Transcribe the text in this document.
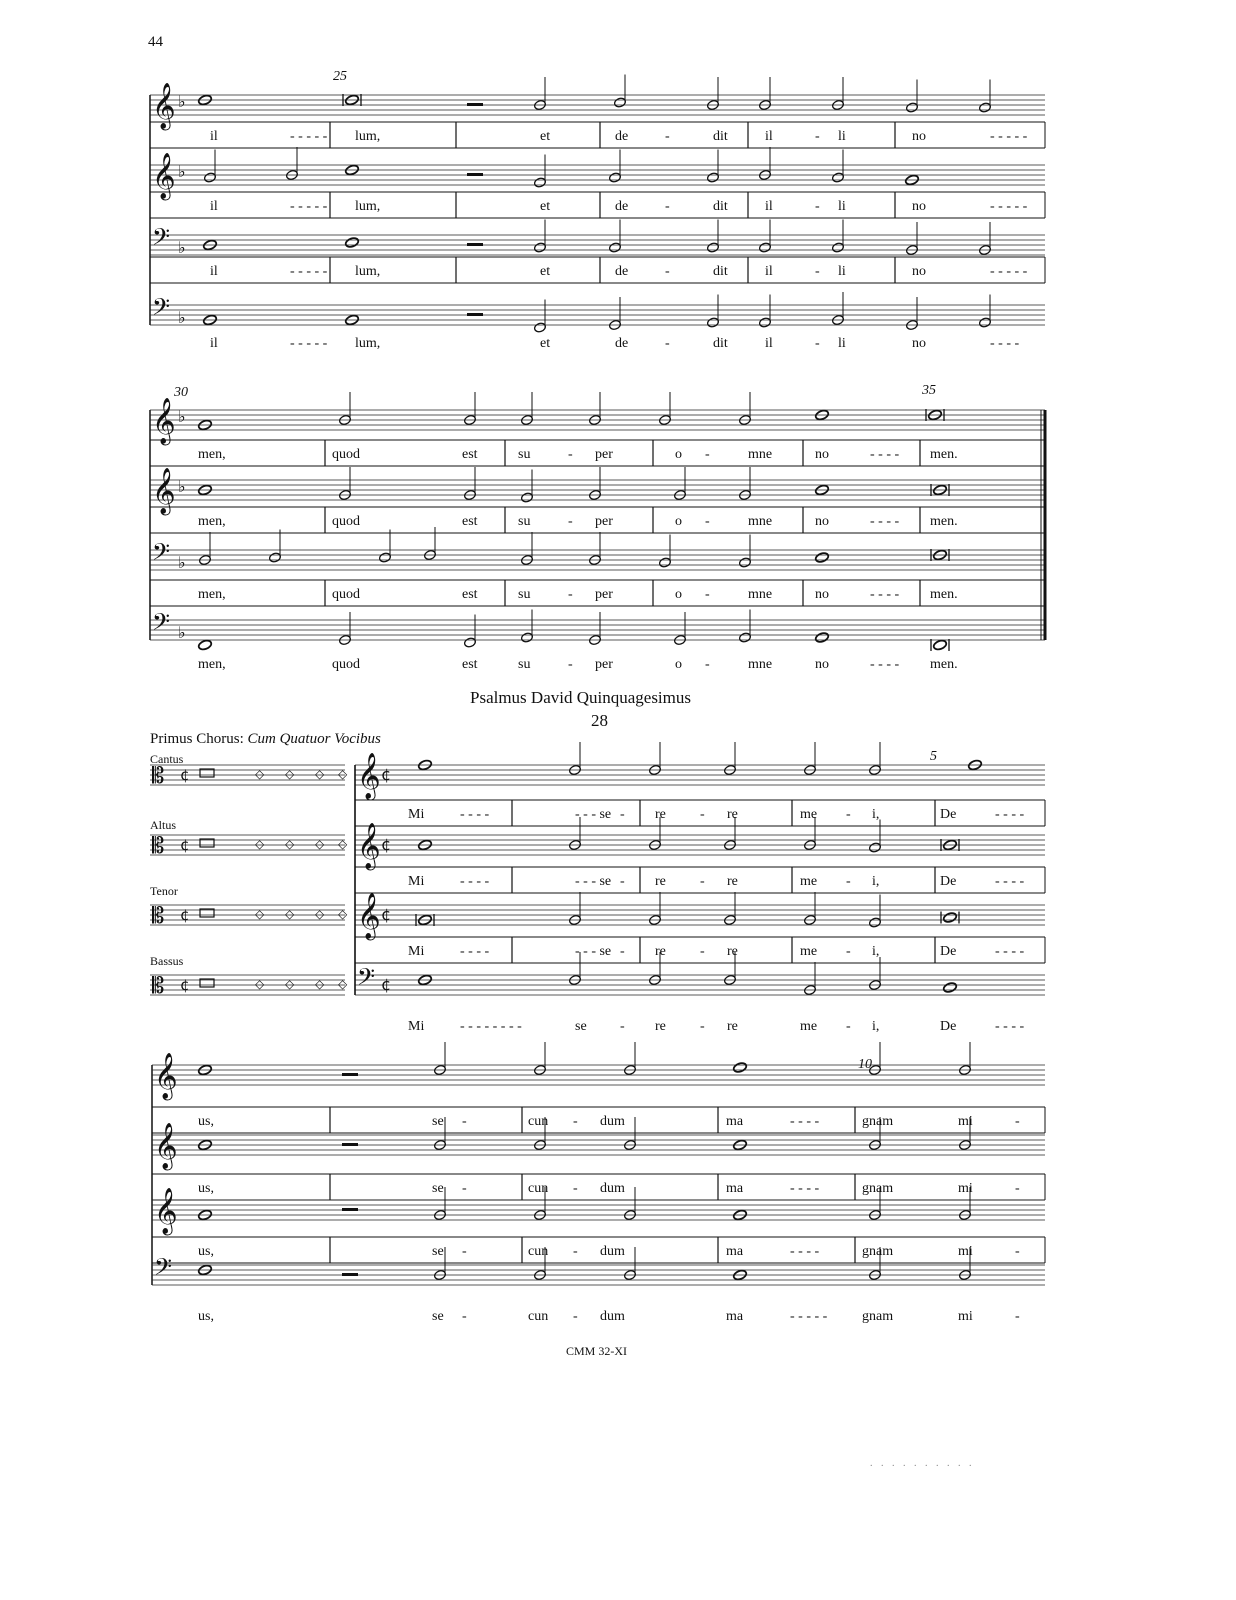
44
Psalmus David Quinquagesimus
28
Primus Chorus: Cum Quatuor Vocibus
Cantus
Altus
Tenor
Bassus
𝄞 ♭
il	- - - - - lum,	et	de	-	dit	il	- li	no	- - - - -
𝄞 ♭
il	- - - - - lum,	et	de	-	dit	il	- li	no	- - - - -
𝄢 ♭
il	- - - - - lum,	et	de	-	dit	il	- li	no	- - - - -
𝄢 ♭
il	- - - - - lum,	et	de	-	dit	il	- li	no	- - - -
25
𝄞 ♭
men,	quod	est	su	- per	o -	mne	no	- - - - men.
𝄞 ♭
men,	quod	est	su	- per	o -	mne	no	- - - - men.
𝄢 ♭
men,	quod	est	su	- per	o -	mne	no	- - - - men.
𝄢 ♭
men,	quod	est	su	- per	o -	mne	no	- - - - men.
30	35
𝄞 ¢
Mi	- - - -	- - - se - re - re	me - i,	De	- - - -
𝄞 ¢
Mi	- - - -	- - - se - re - re	me - i,	De	- - - -
𝄞 ¢
Mi	- - - -	- - - se - re - re	me - i,	De	- - - -
𝄢 ¢
Mi	- - - - - - - -	se - re - re	me - i,	De	- - - -
5
𝄞
us,	se -	cun - dum	ma	- - - -	gnam	mi	-
𝄞
us,	se -	cun - dum	ma	- - - -	gnam	mi	-
𝄞
us,	se -	cun - dum	ma	- - - -	gnam	mi	-
𝄢
us,	se -	cun - dum	ma	- - - - - gnam	mi	-
10
𝄡 ¢	◇ ◇ ◇ ◇
𝄡 ¢	◇ ◇ ◇ ◇
𝄡 ¢	◇ ◇ ◇ ◇
𝄡 ¢	◇ ◇ ◇ ◇
CMM 32-XI
. . . . . . . . . .
